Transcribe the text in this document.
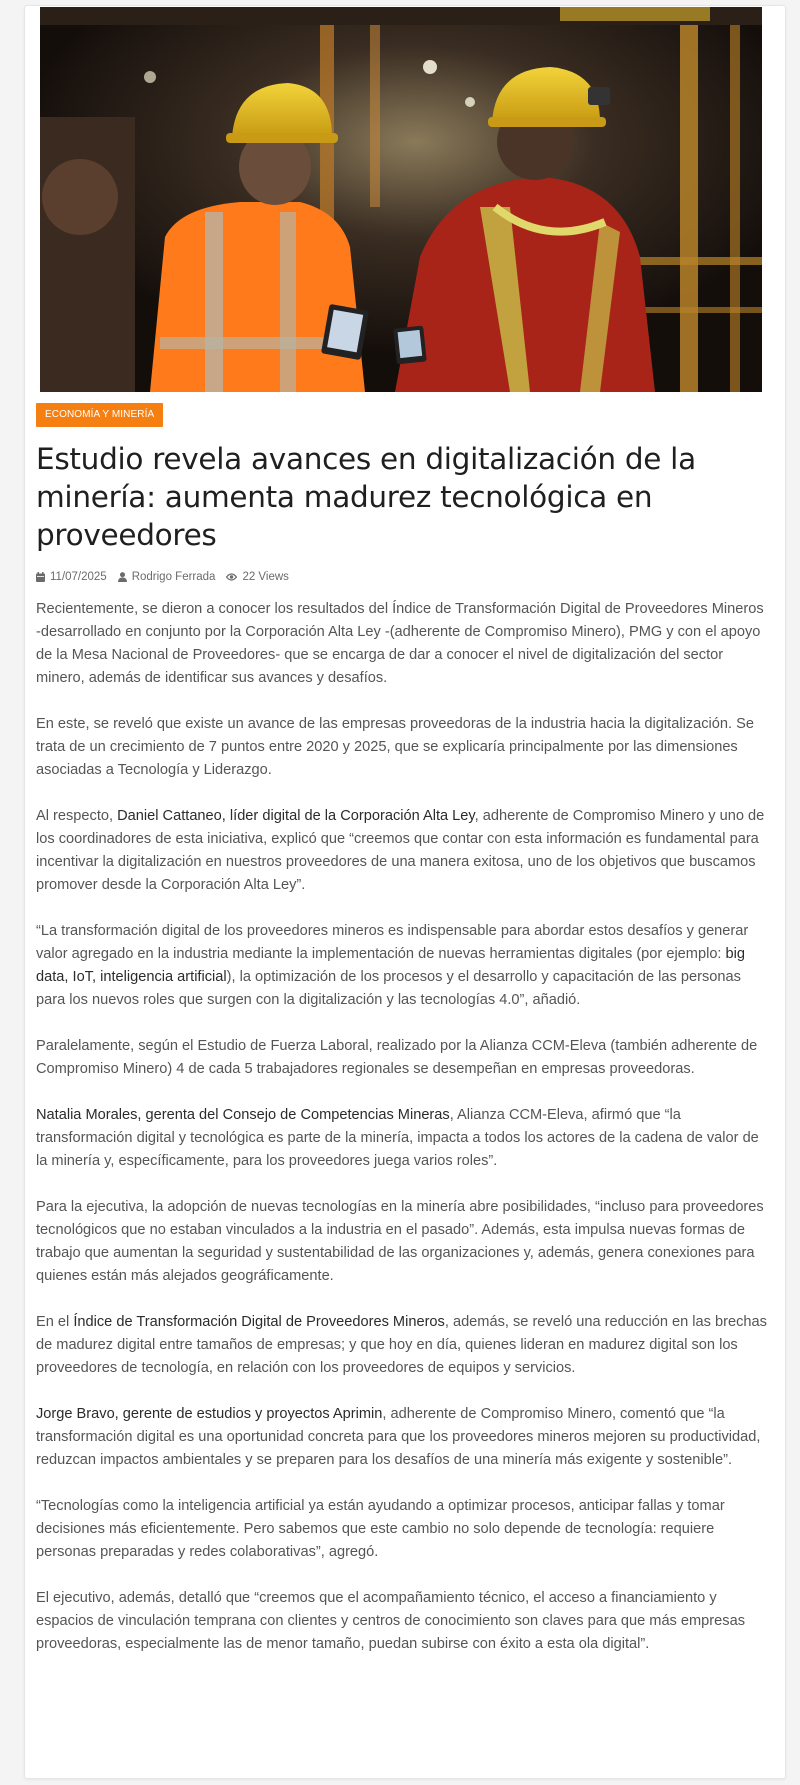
ECONOMÍA Y MINERÍA
Estudio revela avances en digitalización de la minería: aumenta madurez tecnológica en proveedores
11/07/2025 Rodrigo Ferrada 22 Views

Recientemente, se dieron a conocer los resultados del Índice de Transformación Digital de Proveedores Mineros -desarrollado en conjunto por la Corporación Alta Ley -(adherente de Compromiso Minero), PMG y con el apoyo de la Mesa Nacional de Proveedores- que se encarga de dar a conocer el nivel de digitalización del sector minero, además de identificar sus avances y desafíos.

En este, se reveló que existe un avance de las empresas proveedoras de la industria hacia la digitalización. Se trata de un crecimiento de 7 puntos entre 2020 y 2025, que se explicaría principalmente por las dimensiones asociadas a Tecnología y Liderazgo.

Al respecto, Daniel Cattaneo, líder digital de la Corporación Alta Ley, adherente de Compromiso Minero y uno de los coordinadores de esta iniciativa, explicó que “creemos que contar con esta información es fundamental para incentivar la digitalización en nuestros proveedores de una manera exitosa, uno de los objetivos que buscamos promover desde la Corporación Alta Ley”.

“La transformación digital de los proveedores mineros es indispensable para abordar estos desafíos y generar valor agregado en la industria mediante la implementación de nuevas herramientas digitales (por ejemplo: big data, IoT, inteligencia artificial), la optimización de los procesos y el desarrollo y capacitación de las personas para los nuevos roles que surgen con la digitalización y las tecnologías 4.0”, añadió.

Paralelamente, según el Estudio de Fuerza Laboral, realizado por la Alianza CCM-Eleva (también adherente de Compromiso Minero) 4 de cada 5 trabajadores regionales se desempeñan en empresas proveedoras.

Natalia Morales, gerenta del Consejo de Competencias Mineras, Alianza CCM-Eleva, afirmó que “la transformación digital y tecnológica es parte de la minería, impacta a todos los actores de la cadena de valor de la minería y, específicamente, para los proveedores juega varios roles”.

Para la ejecutiva, la adopción de nuevas tecnologías en la minería abre posibilidades, “incluso para proveedores tecnológicos que no estaban vinculados a la industria en el pasado”. Además, esta impulsa nuevas formas de trabajo que aumentan la seguridad y sustentabilidad de las organizaciones y, además, genera conexiones para quienes están más alejados geográficamente.

En el Índice de Transformación Digital de Proveedores Mineros, además, se reveló una reducción en las brechas de madurez digital entre tamaños de empresas; y que hoy en día, quienes lideran en madurez digital son los proveedores de tecnología, en relación con los proveedores de equipos y servicios.

Jorge Bravo, gerente de estudios y proyectos Aprimin, adherente de Compromiso Minero, comentó que “la transformación digital es una oportunidad concreta para que los proveedores mineros mejoren su productividad, reduzcan impactos ambientales y se preparen para los desafíos de una minería más exigente y sostenible”.

“Tecnologías como la inteligencia artificial ya están ayudando a optimizar procesos, anticipar fallas y tomar decisiones más eficientemente. Pero sabemos que este cambio no solo depende de tecnología: requiere personas preparadas y redes colaborativas”, agregó.

El ejecutivo, además, detalló que “creemos que el acompañamiento técnico, el acceso a financiamiento y espacios de vinculación temprana con clientes y centros de conocimiento son claves para que más empresas proveedoras, especialmente las de menor tamaño, puedan subirse con éxito a esta ola digital”.
